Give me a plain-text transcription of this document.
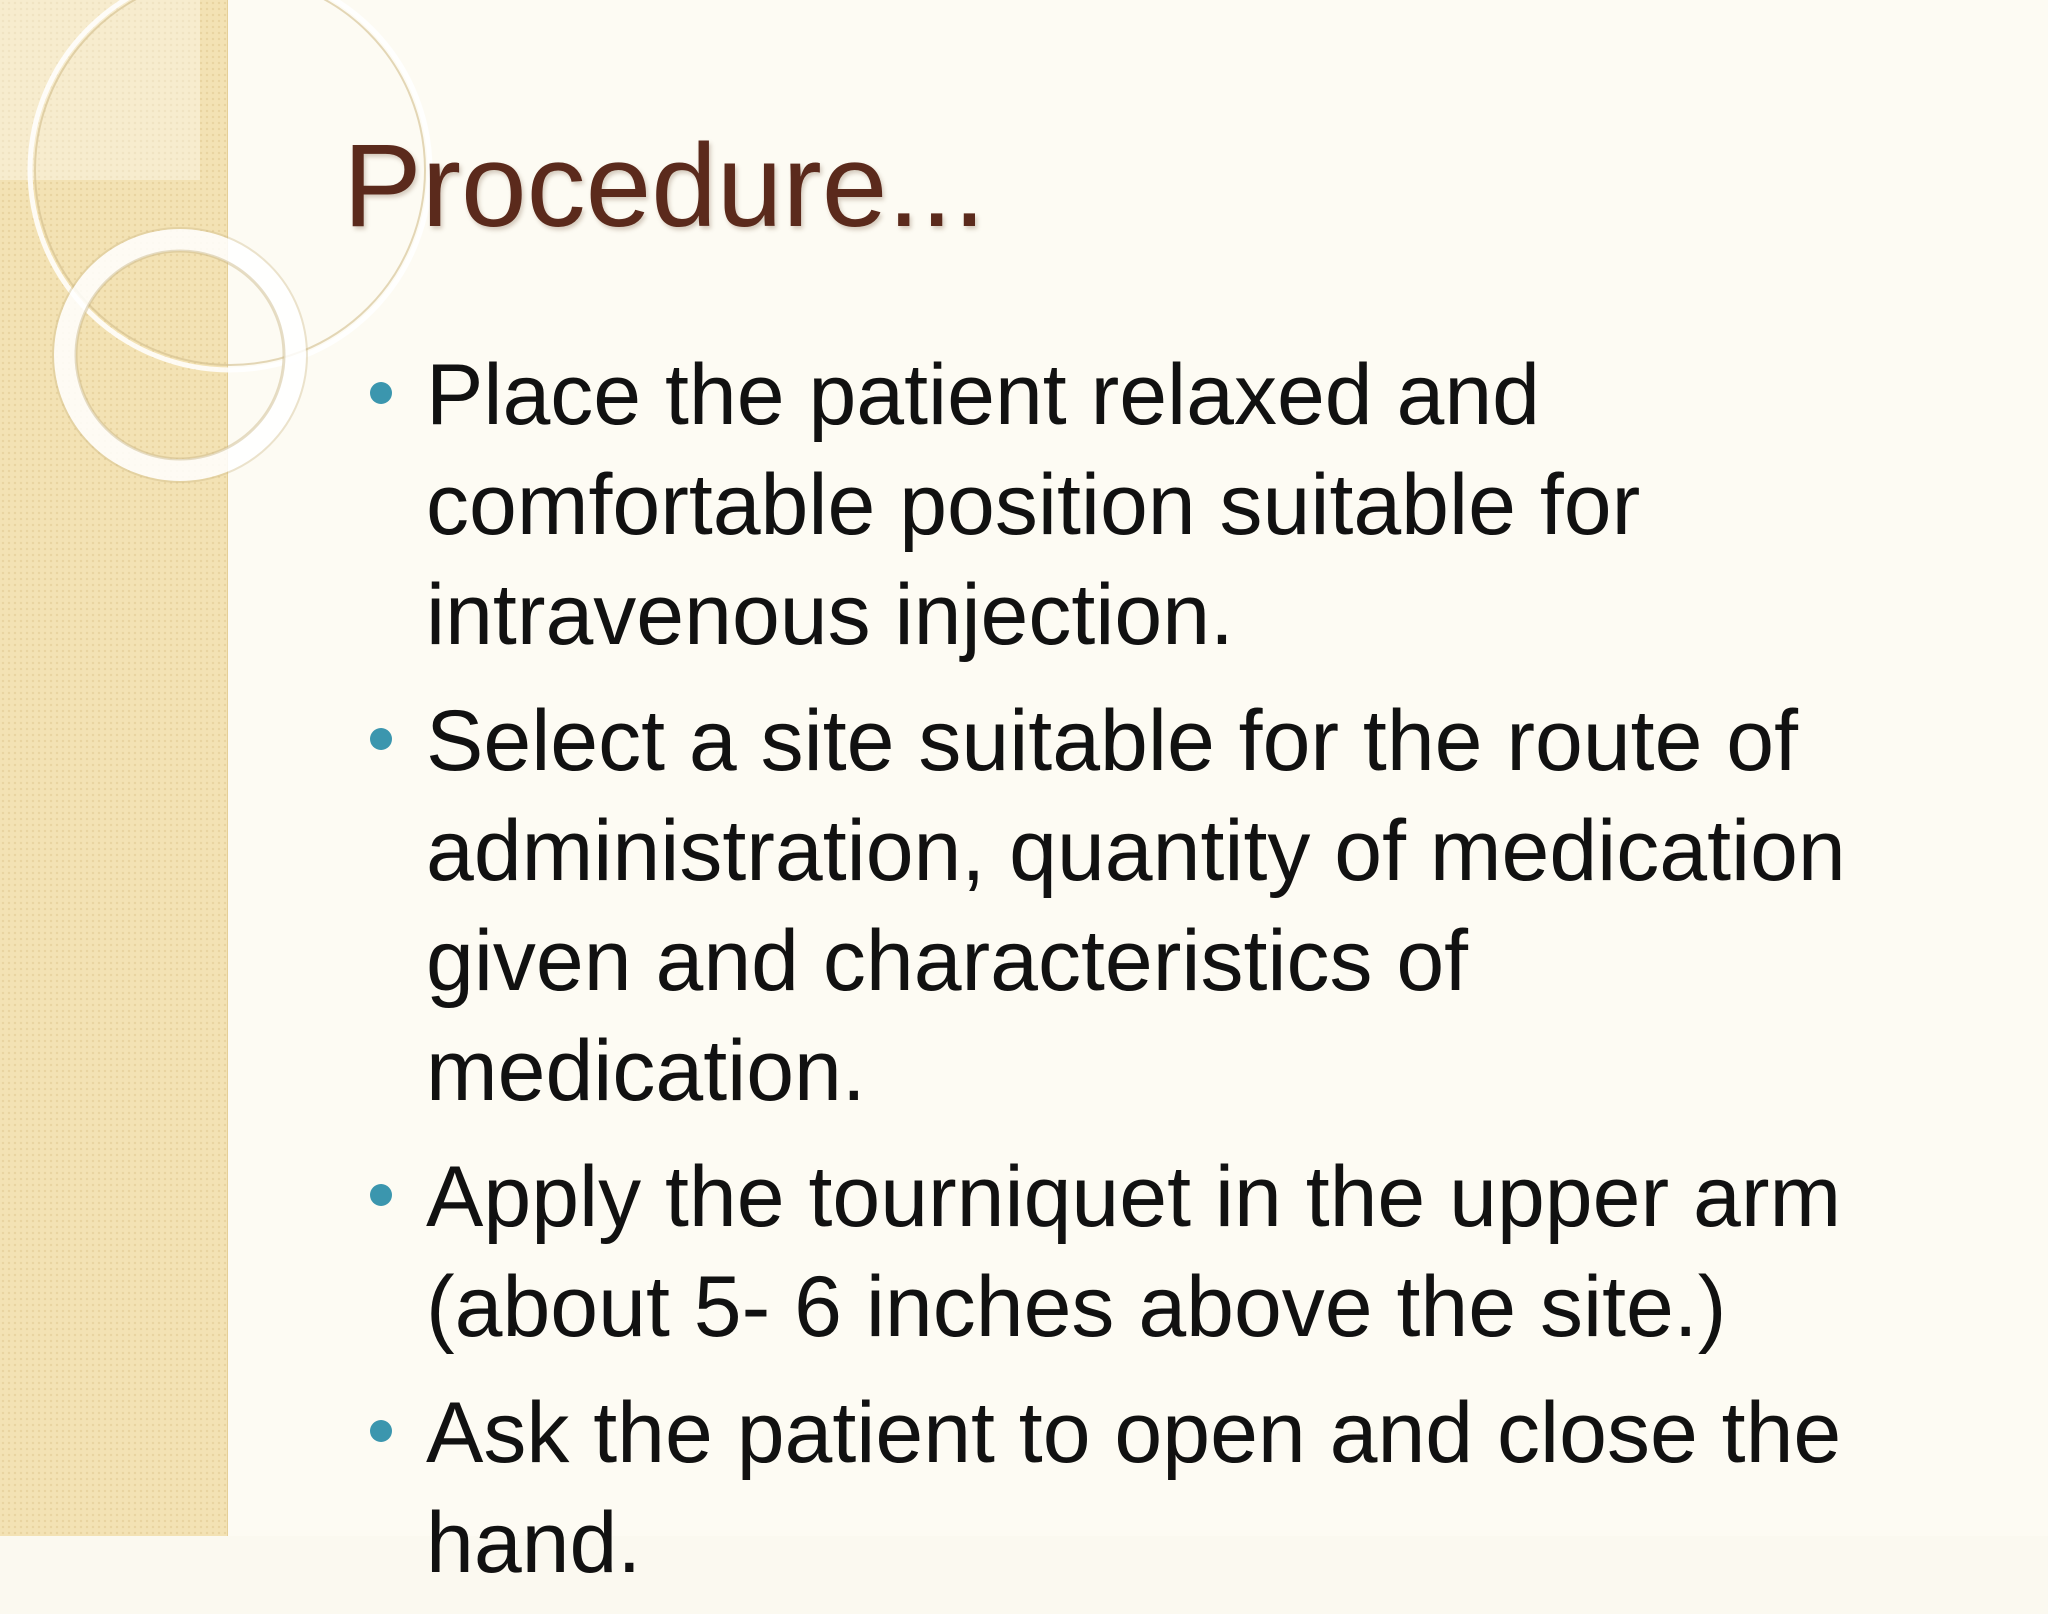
Procedure...
Place the patient relaxed and
comfortable position suitable for
intravenous injection.
Select a site suitable for the route of
administration, quantity of medication
given and characteristics of
medication.
Apply the tourniquet in the upper arm
(about 5- 6 inches above the site.)
Ask the patient to open and close the
hand.
